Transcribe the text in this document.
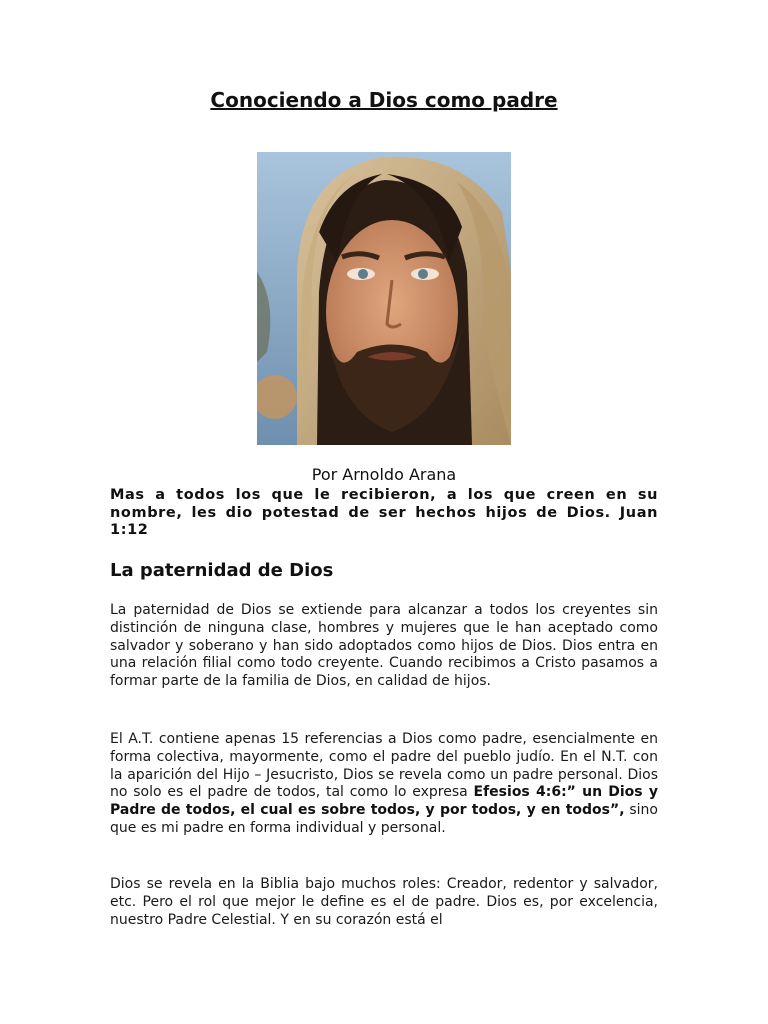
Conociendo a Dios como padre

Por Arnoldo Arana

Mas a todos los que le recibieron, a los que creen en su nombre, les dio potestad de ser hechos hijos de Dios. Juan 1:12

La paternidad de Dios

La paternidad de Dios se extiende para alcanzar a todos los creyentes sin distinción de ninguna clase, hombres y mujeres que le han aceptado como salvador y soberano y han sido adoptados como hijos de Dios. Dios entra en una relación filial como todo creyente. Cuando recibimos a Cristo pasamos a formar parte de la familia de Dios, en calidad de hijos.

El A.T. contiene apenas 15 referencias a Dios como padre, esencialmente en forma colectiva, mayormente, como el padre del pueblo judío. En el N.T. con la aparición del Hijo – Jesucristo, Dios se revela como un padre personal. Dios no solo es el padre de todos, tal como lo expresa Efesios 4:6:” un Dios y Padre de todos, el cual es sobre todos, y por todos, y en todos”, sino que es mi padre en forma individual y personal.

Dios se revela en la Biblia bajo muchos roles: Creador, redentor y salvador, etc. Pero el rol que mejor le define es el de padre. Dios es, por excelencia, nuestro Padre Celestial. Y en su corazón está el
